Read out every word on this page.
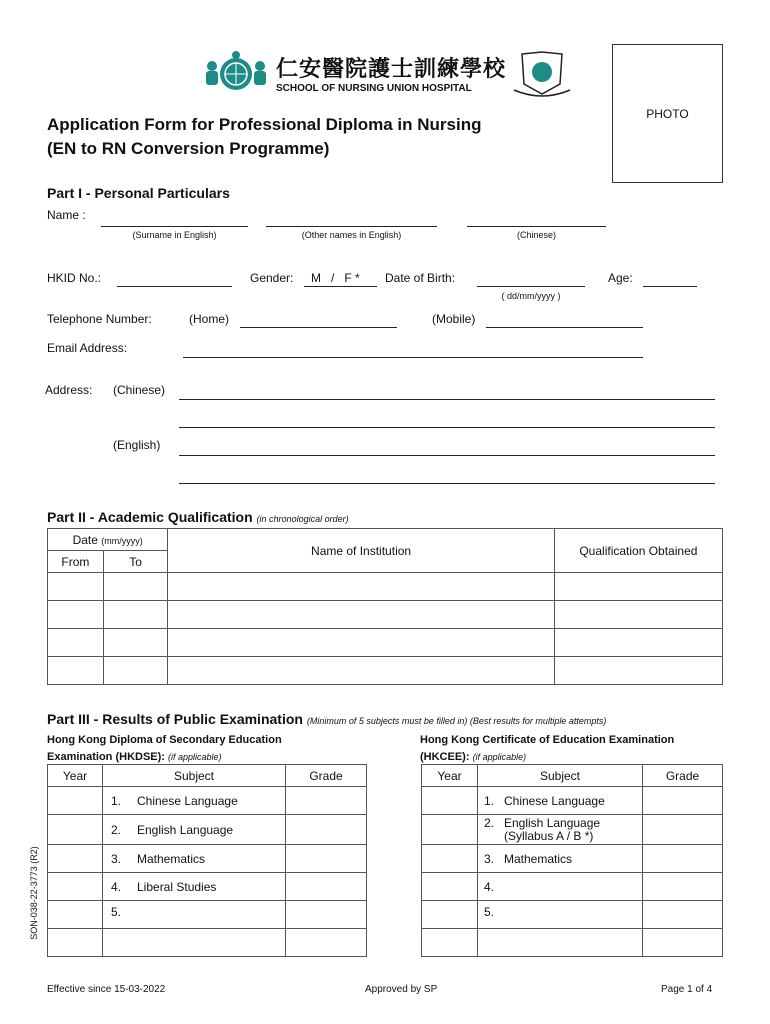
仁安醫院護士訓練學校
SCHOOL OF NURSING UNION HOSPITAL
PHOTO
Application Form for Professional Diploma in Nursing
(EN to RN Conversion Programme)
Part I - Personal Particulars
Name :
(Surname in English)	(Other names in English)	(Chinese)
HKID No.:	Gender: M   /   F * Date of Birth:
( dd/mm/yyyy )
Age:
Telephone Number:	(Home)	(Mobile)
Email Address:
Address: (Chinese)
(English)
Part II - Academic Qualification (in chronological order)
Date (mm/yyyy)		Name of Institution	Qualification Obtained
From	To		

Part III - Results of Public Examination (Minimum of 5 subjects must be filled in) (Best results for multiple attempts)
Hong Kong Diploma of Secondary Education
Examination (HKDSE): (if applicable)
Hong Kong Certificate of Education Examination
(HKCEE): (if applicable)
Year	Subject	Grade
	1. Chinese Language	
	2. English Language	
	3. Mathematics	
	4. Liberal Studies	
	5.	

Year	Subject	Grade
	1. Chinese Language	

	2. English Language
(Syllabus A / B *)	

	3. Mathematics	
	4.	
	5.	

SON-038-22-3773 (R2)
Effective since 15-03-2022	Approved by SP	Page 1 of 4
